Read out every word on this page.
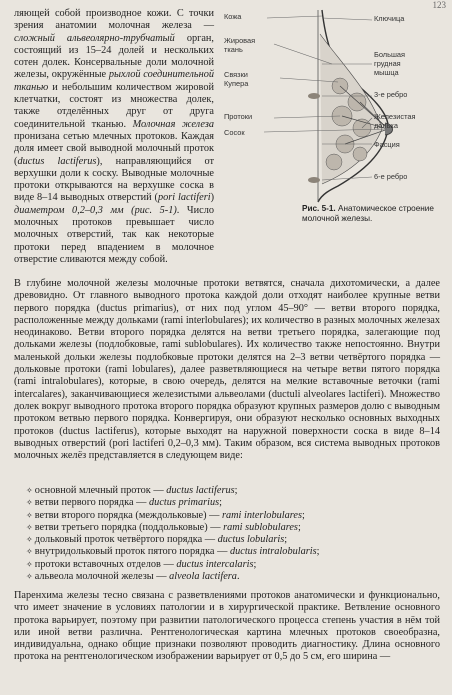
123

ляющей собой производное кожи. С точки зрения анатомии молочная железа — сложный альвеолярно-трубчатый орган, состоящий из 15–24 долей и нескольких сотен долек. Консервальные доли молочной железы, окружённые рыхлой соединительной тканью и небольшим количеством жировой клетчатки, состоят из множества долек, также отделённых друг от друга соединительной тканью. Молочная железа пронизана сетью млечных протоков. Каждая доля имеет свой выводной молочный проток (ductus lactiferus), направляющийся от верхушки доли к соску. Выводные молочные протоки открываются на верхушке соска в виде 8–14 выводных отверстий (pori lactiferi) диаметром 0,2–0,3 мм (рис. 5-1). Число молочных протоков превышает число молочных отверстий, так как некоторые протоки перед впадением в молочное отверстие сливаются между собой.

Кожа
Жировая ткань
Связки Купера
Протоки
Сосок
Ключица
Большая грудная мышца
3-е ребро
Железистая долька
Фасция
6-е ребро
Рис. 5-1. Анатомическое строение молочной железы.

В глубине молочной железы молочные протоки ветвятся, сначала дихотомически, а далее древовидно. От главного выводного протока каждой доли отходят наиболее крупные ветви первого порядка (ductus primarius), от них под углом 45–90° — ветви второго порядка, расположенные между дольками (rami interlobulares); их количество в разных молочных железах неодинаково. Ветви второго порядка делятся на ветви третьего порядка, залегающие под дольками железы (подлобковые, rami sublobulares). Их количество также непостоянно. Внутри маленькой дольки железы подлобковые протоки делятся на 2–3 ветви четвёртого порядка — дольковые протоки (rami lobulares), далее разветвляющиеся на четыре ветви пятого порядка (rami intralobulares), которые, в свою очередь, делятся на мелкие вставочные веточки (rami intercalares), заканчивающиеся железистыми альвеолами (ductuli alveolares lactiferi). Множество долек вокруг выводного протока второго порядка образуют крупных размеров долю с выводным протоком ветвью первого порядка. Конвергируя, они образуют несколько основных выходных протоков (ductus lactiferus), которые выходят на наружной поверхности соска в виде 8–14 выводных отверстий (pori lactiferi 0,2–0,3 мм). Таким образом, вся система выводных протоков молочных желёз представляется в следующем виде:

✧ основной млечный проток — ductus lactiferus;
✧ ветви первого порядка — ductus primarius;
✧ ветви второго порядка (междольковые) — rami interlobulares;
✧ ветви третьего порядка (поддольковые) — rami sublobulares;
✧ дольковый проток четвёртого порядка — ductus lobularis;
✧ внутридольковый проток пятого порядка — ductus intralobularis;
✧ протоки вставочных отделов — ductus intercalaris;
✧ альвеола молочной железы — alveola lactifera.

Паренхима железы тесно связана с разветвлениями протоков анатомически и функционально, что имеет значение в условиях патологии и в хирургической практике. Ветвление основного протока варьирует, поэтому при развитии патологического процесса степень участия в нём той или иной ветви различна. Рентгенологическая картина млечных протоков своеобразна, индивидуальна, однако общие признаки позволяют проводить диагностику. Длина основного протока на рентгенологическом изображении варьирует от 0,5 до 5 см, его ширина —
